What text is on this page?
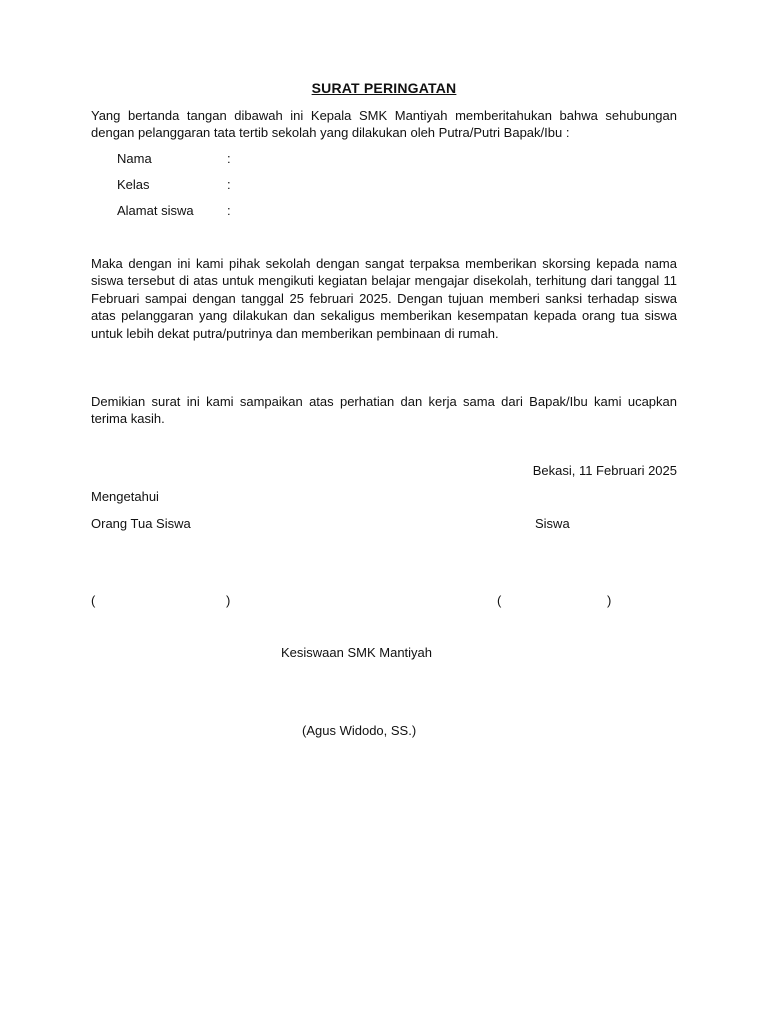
SURAT PERINGATAN

Yang bertanda tangan dibawah ini Kepala SMK Mantiyah memberitahukan bahwa sehubungan dengan pelanggaran tata tertib sekolah yang dilakukan oleh Putra/Putri Bapak/Ibu :

Nama	:
Kelas	:
Alamat siswa	:

Maka dengan ini kami pihak sekolah dengan sangat terpaksa memberikan skorsing kepada nama siswa tersebut di atas untuk mengikuti kegiatan belajar mengajar disekolah, terhitung dari tanggal 11 Februari sampai dengan tanggal 25 februari 2025. Dengan tujuan memberi sanksi terhadap siswa atas pelanggaran yang dilakukan dan sekaligus memberikan kesempatan kepada orang tua siswa untuk lebih dekat putra/putrinya dan memberikan pembinaan di rumah.

Demikian surat ini kami sampaikan atas perhatian dan kerja sama dari Bapak/Ibu kami ucapkan terima kasih.

Bekasi, 11 Februari 2025
Mengetahui
Orang Tua Siswa	Siswa
(	)	(	)
Kesiswaan SMK Mantiyah
(Agus Widodo, SS.)
